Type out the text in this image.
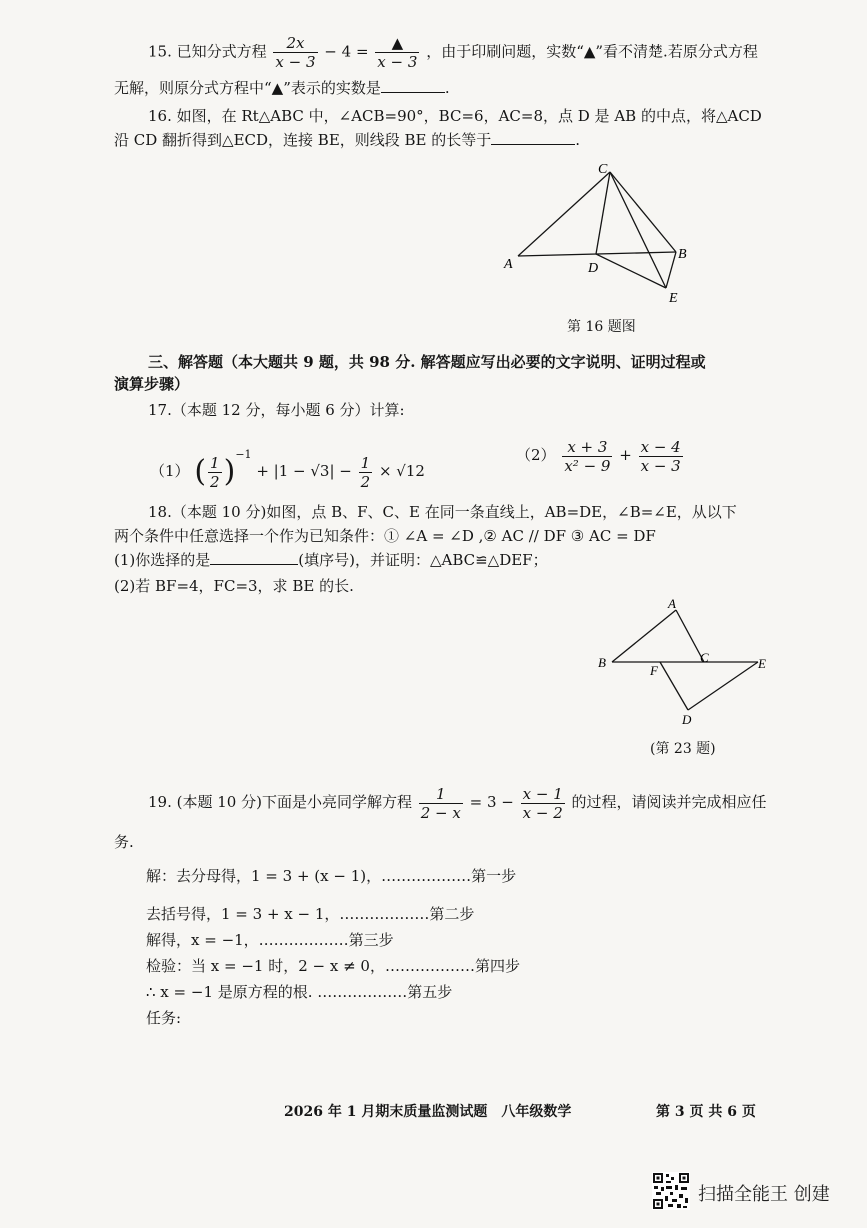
15. 已知分式方程 $\frac{2x}{x - 3} - 4 = \frac{▲}{x - 3}$ ，由于印刷问题，实数“▲”看不清楚.若原分式方程
无解，则原分式方程中“▲”表示的实数是	.
16. 如图，在 Rt△ABC 中，∠ACB=90°，BC=6，AC=8，点 D 是 AB 的中点，将△ACD
沿 CD 翻折得到△ECD，连接 BE，则线段 BE 的长等于	.
A
C
B
D
E
第 16 题图
三、解答题（本大题共 9 题，共 98 分. 解答题应写出必要的文字说明、证明过程或
演算步骤）
17.（本题 12 分，每小题 6 分）计算:
（1） ( $\frac{1}{2} )^{-1} + |1 - √3| - \frac{1}{2} \times √12$
$(2) \frac{x + 3}{\text{x² − 9}} + \frac{x - 4}{x - 3}$
18.（本题 10 分)如图，点 B、F、C、E 在同一条直线上，AB=DE，∠B=∠E，从以下
两个条件中任意选择一个作为已知条件：① ∠A = ∠D ,② AC // DF ③ AC = DF
(1)你选择的是	(填序号)，并证明：△ABC≌△DEF；
(2)若 BF=4，FC=3，求 BE 的长.
A
B
F
C	E
D
(第 23 题)
19. (本题 10 分)下面是小亮同学解方程 $\frac{1}{2 - x} = 3 - \frac{x - 1}{x - 2}$ 的过程，请阅读并完成相应任
务.
解：去分母得，1 = 3 + (x − 1)，………………第一步
去括号得，1 = 3 + x − 1，………………第二步
解得，x = −1，………………第三步
检验：当 x = −1 时，2 − x ≠ 0，………………第四步
∴ x = −1 是原方程的根. ………………第五步
任务:
2026 年 1 月期末质量监测试题　八年级数学	第 3 页 共 6 页
扫描全能王 创建
